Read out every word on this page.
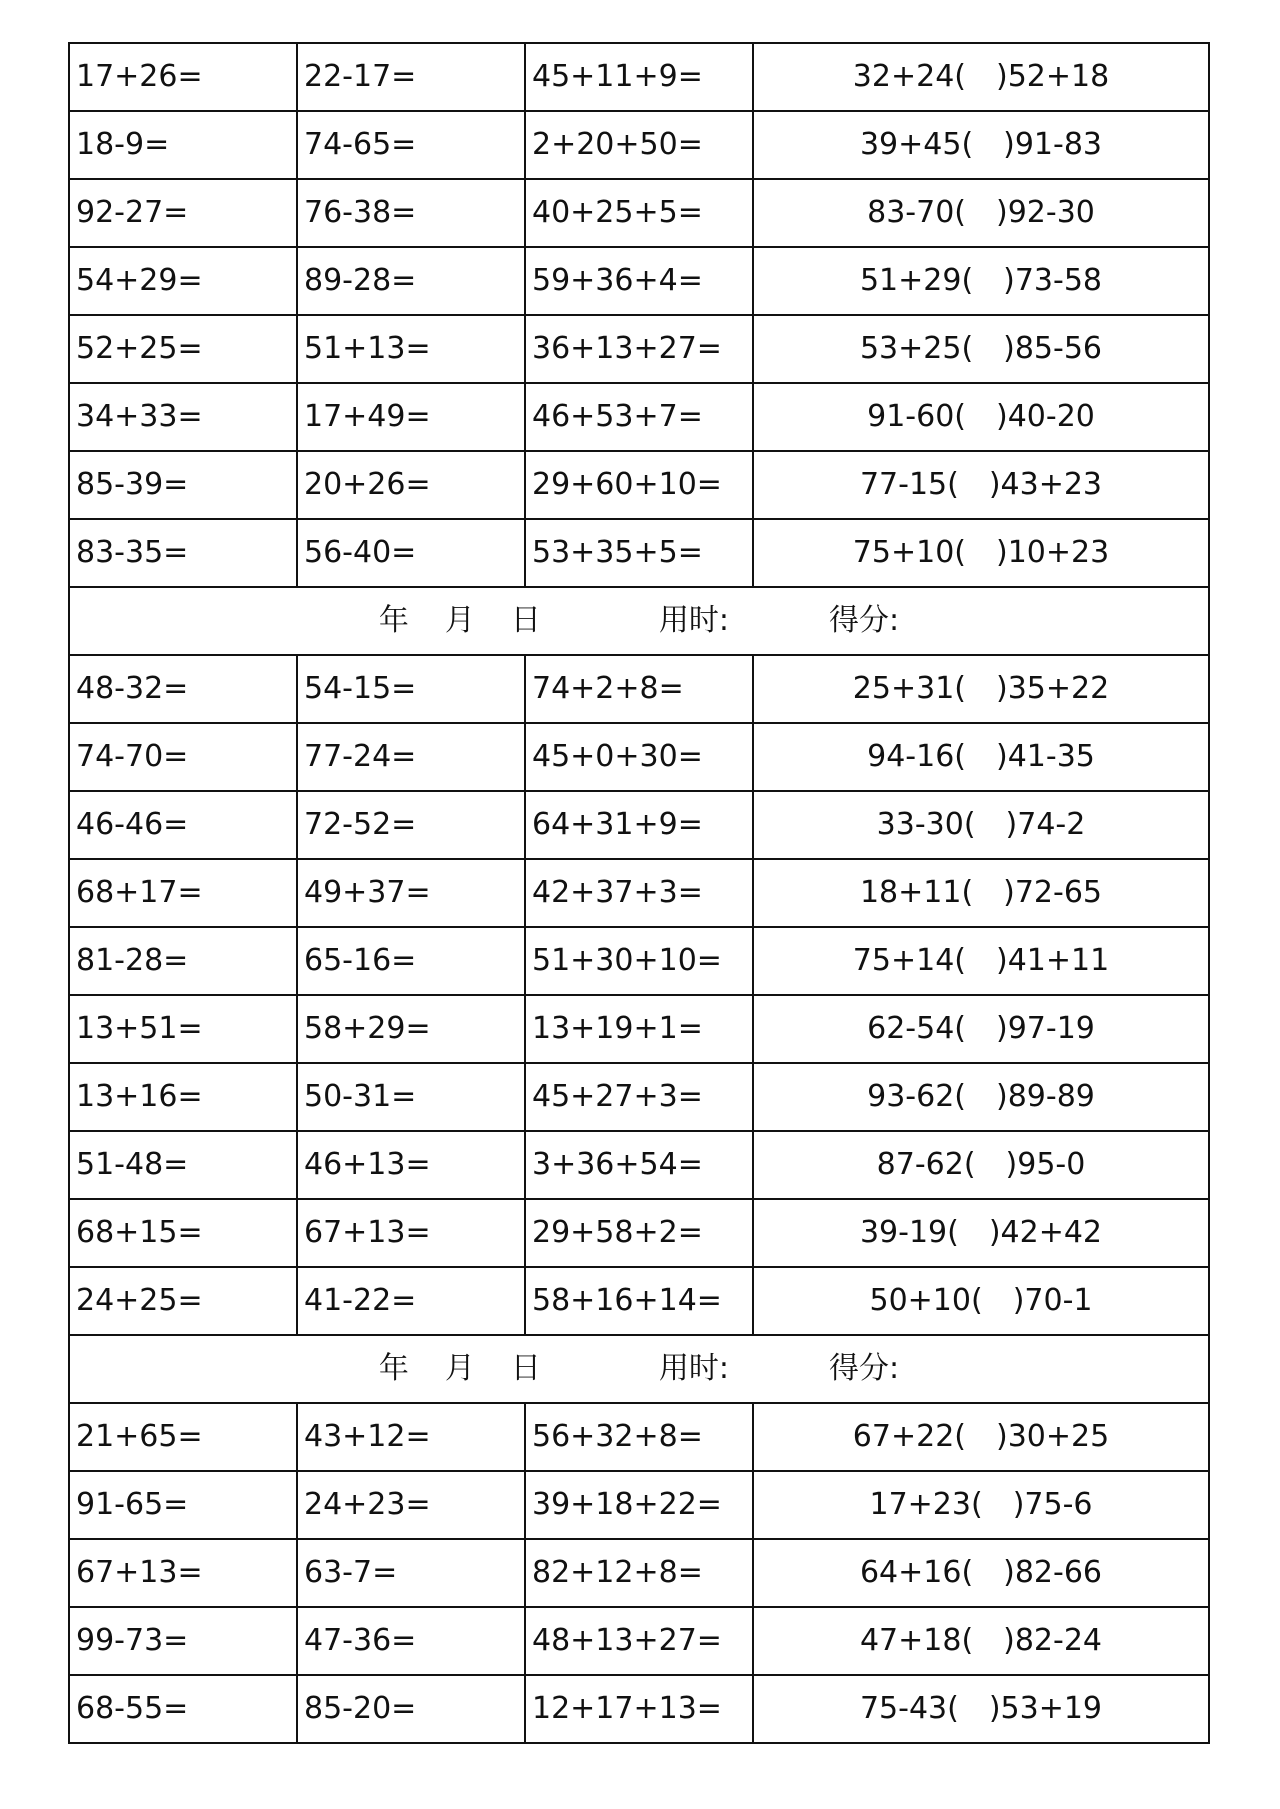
17+26=	22-17=	45+11+9=	32+24(　)52+18
18-9=	74-65=	2+20+50=	39+45(　)91-83
92-27=	76-38=	40+25+5=	83-70(　)92-30
54+29=	89-28=	59+36+4=	51+29(　)73-58
52+25=	51+13=	36+13+27=	53+25(　)85-56
34+33=	17+49=	46+53+7=	91-60(　)40-20
85-39=	20+26=	29+60+10=	77-15(　)43+23
83-35=	56-40=	53+35+5=	75+10(　)10+23
年 月 日 用时: 得分:			
48-32=	54-15=	74+2+8=	25+31(　)35+22
74-70=	77-24=	45+0+30=	94-16(　)41-35
46-46=	72-52=	64+31+9=	33-30(　)74-2
68+17=	49+37=	42+37+3=	18+11(　)72-65
81-28=	65-16=	51+30+10=	75+14(　)41+11
13+51=	58+29=	13+19+1=	62-54(　)97-19
13+16=	50-31=	45+27+3=	93-62(　)89-89
51-48=	46+13=	3+36+54=	87-62(　)95-0
68+15=	67+13=	29+58+2=	39-19(　)42+42
24+25=	41-22=	58+16+14=	50+10(　)70-1
年 月 日 用时: 得分:			
21+65=	43+12=	56+32+8=	67+22(　)30+25
91-65=	24+23=	39+18+22=	17+23(　)75-6
67+13=	63-7=	82+12+8=	64+16(　)82-66
99-73=	47-36=	48+13+27=	47+18(　)82-24
68-55=	85-20=	12+17+13=	75-43(　)53+19
